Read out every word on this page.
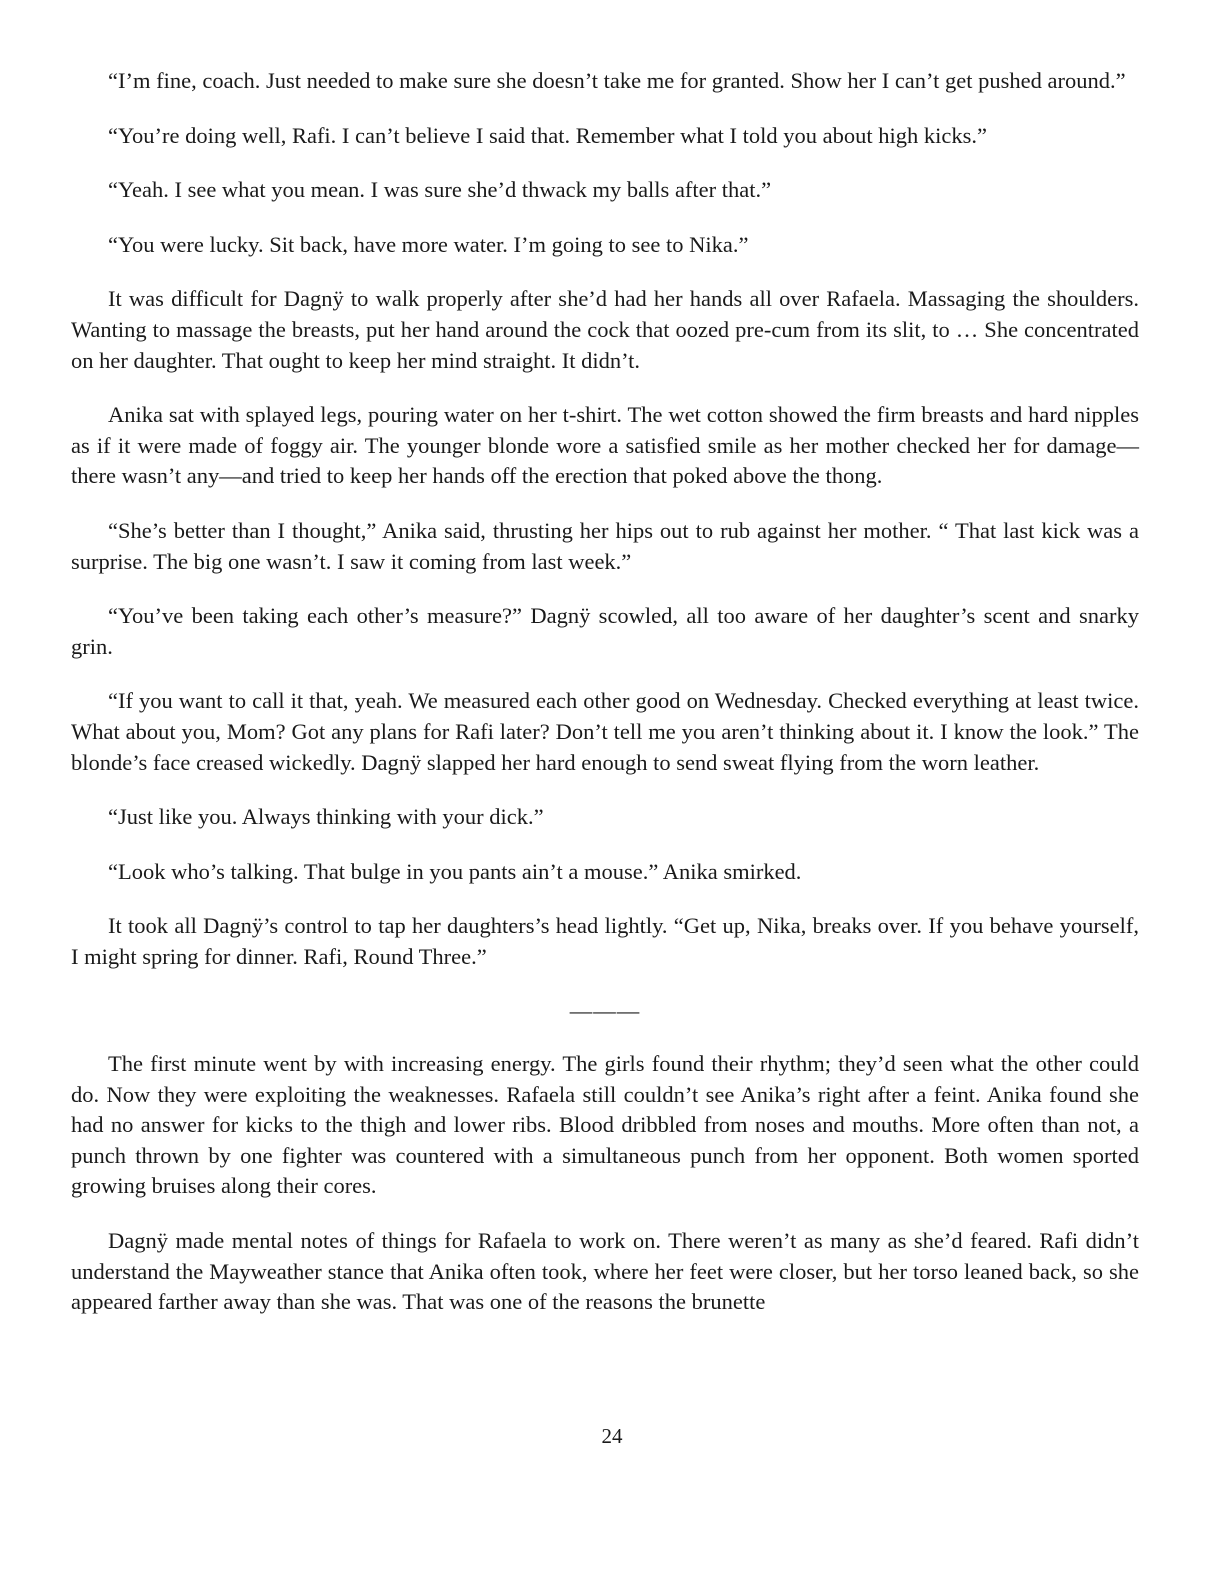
“I’m fine, coach. Just needed to make sure she doesn’t take me for granted. Show her I can’t get pushed around.”

“You’re doing well, Rafi. I can’t believe I said that. Remember what I told you about high kicks.”

“Yeah. I see what you mean. I was sure she’d thwack my balls after that.”

“You were lucky. Sit back, have more water. I’m going to see to Nika.”

It was difficult for Dagnÿ to walk properly after she’d had her hands all over Rafaela. Massaging the shoulders. Wanting to massage the breasts, put her hand around the cock that oozed pre-cum from its slit, to … She concentrated on her daughter. That ought to keep her mind straight. It didn’t.

Anika sat with splayed legs, pouring water on her t-shirt. The wet cotton showed the firm breasts and hard nipples as if it were made of foggy air. The younger blonde wore a satisfied smile as her mother checked her for damage—there wasn’t any—and tried to keep her hands off the erection that poked above the thong.

“She’s better than I thought,” Anika said, thrusting her hips out to rub against her mother. “ That last kick was a surprise. The big one wasn’t. I saw it coming from last week.”

“You’ve been taking each other’s measure?” Dagnÿ scowled, all too aware of her daughter’s scent and snarky grin.

“If you want to call it that, yeah. We measured each other good on Wednesday. Checked everything at least twice. What about you, Mom? Got any plans for Rafi later? Don’t tell me you aren’t thinking about it. I know the look.” The blonde’s face creased wickedly. Dagnÿ slapped her hard enough to send sweat flying from the worn leather.

“Just like you. Always thinking with your dick.”

“Look who’s talking. That bulge in you pants ain’t a mouse.” Anika smirked.

It took all Dagnÿ’s control to tap her daughters’s head lightly. “Get up, Nika, breaks over. If you behave yourself, I might spring for dinner. Rafi, Round Three.”

———

The first minute went by with increasing energy. The girls found their rhythm; they’d seen what the other could do. Now they were exploiting the weaknesses. Rafaela still couldn’t see Anika’s right after a feint. Anika found she had no answer for kicks to the thigh and lower ribs. Blood dribbled from noses and mouths. More often than not, a punch thrown by one fighter was countered with a simultaneous punch from her opponent. Both women sported growing bruises along their cores.

Dagnÿ made mental notes of things for Rafaela to work on. There weren’t as many as she’d feared. Rafi didn’t understand the Mayweather stance that Anika often took, where her feet were closer, but her torso leaned back, so she appeared farther away than she was. That was one of the reasons the brunette

24
